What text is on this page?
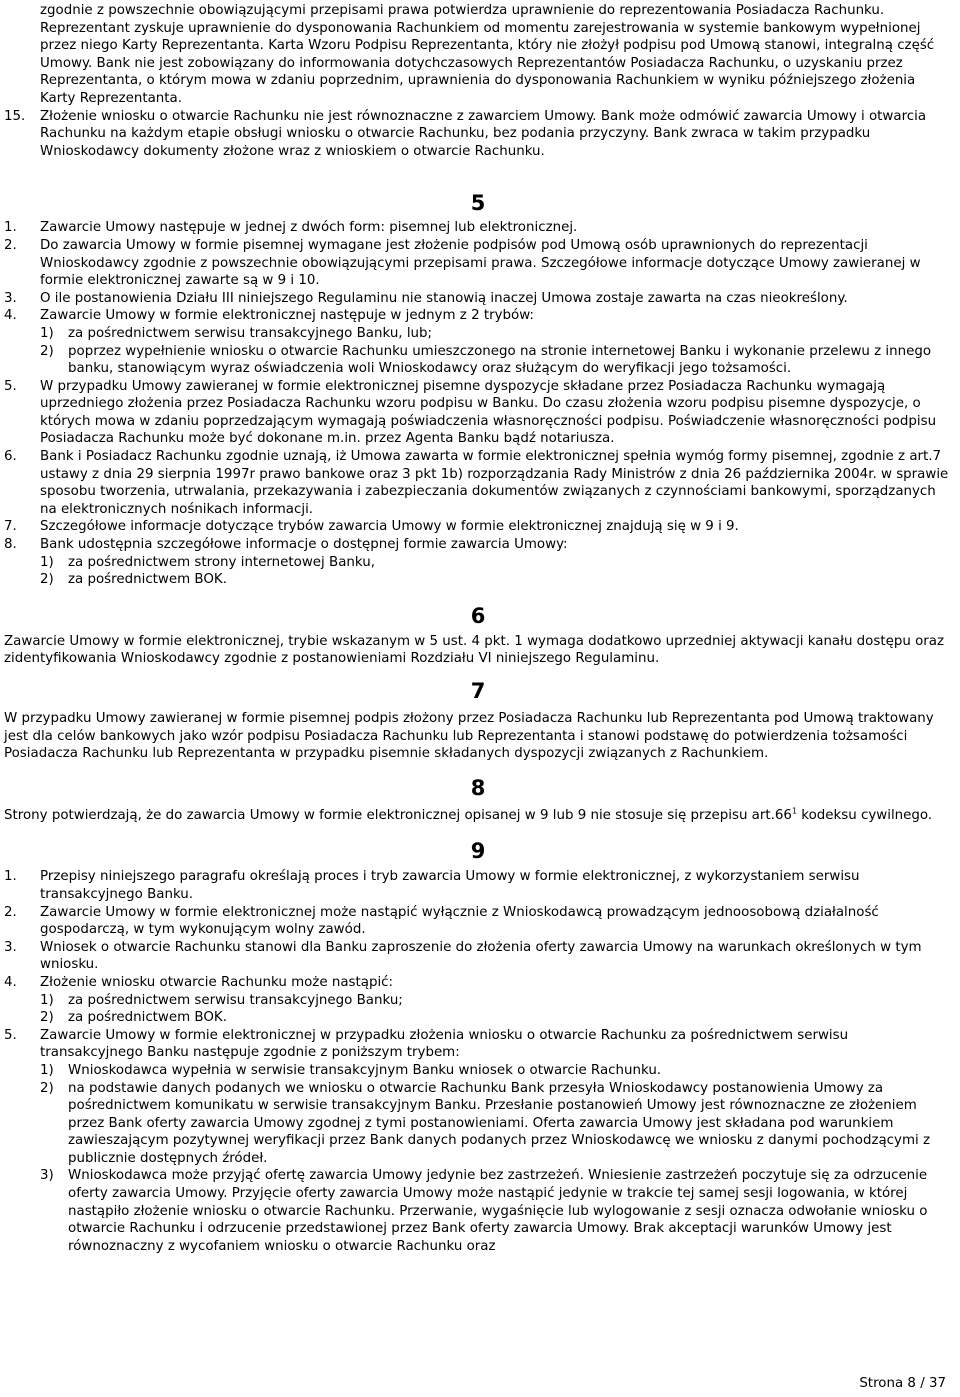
zgodnie z powszechnie obowiązującymi przepisami prawa potwierdza uprawnienie do reprezentowania Posiadacza Rachunku. Reprezentant zyskuje uprawnienie do dysponowania Rachunkiem od momentu zarejestrowania w systemie bankowym wypełnionej przez niego Karty Reprezentanta. Karta Wzoru Podpisu Reprezentanta, który nie złożył podpisu pod Umową stanowi, integralną część Umowy. Bank nie jest zobowiązany do informowania dotychczasowych Reprezentantów Posiadacza Rachunku, o uzyskaniu przez Reprezentanta, o którym mowa w zdaniu poprzednim, uprawnienia do dysponowania Rachunkiem w wyniku późniejszego złożenia Karty Reprezentanta.
15. Złożenie wniosku o otwarcie Rachunku nie jest równoznaczne z zawarciem Umowy. Bank może odmówić zawarcia Umowy i otwarcia Rachunku na każdym etapie obsługi wniosku o otwarcie Rachunku, bez podania przyczyny. Bank zwraca w takim przypadku Wnioskodawcy dokumenty złożone wraz z wnioskiem o otwarcie Rachunku.
5
1. Zawarcie Umowy następuje w jednej z dwóch form: pisemnej lub elektronicznej.
2. Do zawarcia Umowy w formie pisemnej wymagane jest złożenie podpisów pod Umową osób uprawnionych do reprezentacji Wnioskodawcy zgodnie z powszechnie obowiązującymi przepisami prawa. Szczegółowe informacje dotyczące Umowy zawieranej w formie elektronicznej zawarte są w 9 i 10.
3. O ile postanowienia Działu III niniejszego Regulaminu nie stanowią inaczej Umowa zostaje zawarta na czas nieokreślony.
4. Zawarcie Umowy w formie elektronicznej następuje w jednym z 2 trybów:
1) za pośrednictwem serwisu transakcyjnego Banku, lub;
2) poprzez wypełnienie wniosku o otwarcie Rachunku umieszczonego na stronie internetowej Banku i wykonanie przelewu z innego banku, stanowiącym wyraz oświadczenia woli Wnioskodawcy oraz służącym do weryfikacji jego tożsamości.
5. W przypadku Umowy zawieranej w formie elektronicznej pisemne dyspozycje składane przez Posiadacza Rachunku wymagają uprzedniego złożenia przez Posiadacza Rachunku wzoru podpisu w Banku. Do czasu złożenia wzoru podpisu pisemne dyspozycje, o których mowa w zdaniu poprzedzającym wymagają poświadczenia własnoręczności podpisu. Poświadczenie własnoręczności podpisu Posiadacza Rachunku może być dokonane m.in. przez Agenta Banku bądź notariusza.
6. Bank i Posiadacz Rachunku zgodnie uznają, iż Umowa zawarta w formie elektronicznej spełnia wymóg formy pisemnej, zgodnie z art.7 ustawy z dnia 29 sierpnia 1997r prawo bankowe oraz 3 pkt 1b) rozporządzania Rady Ministrów z dnia 26 października 2004r. w sprawie sposobu tworzenia, utrwalania, przekazywania i zabezpieczania dokumentów związanych z czynnościami bankowymi, sporządzanych na elektronicznych nośnikach informacji.
7. Szczegółowe informacje dotyczące trybów zawarcia Umowy w formie elektronicznej znajdują się w 9 i 9.
8. Bank udostępnia szczegółowe informacje o dostępnej formie zawarcia Umowy:
1) za pośrednictwem strony internetowej Banku,
2) za pośrednictwem BOK.
6
Zawarcie Umowy w formie elektronicznej, trybie wskazanym w 5 ust. 4 pkt. 1 wymaga dodatkowo uprzedniej aktywacji kanału dostępu oraz zidentyfikowania Wnioskodawcy zgodnie z postanowieniami Rozdziału VI niniejszego Regulaminu.
7
W przypadku Umowy zawieranej w formie pisemnej podpis złożony przez Posiadacza Rachunku lub Reprezentanta pod Umową traktowany jest dla celów bankowych jako wzór podpisu Posiadacza Rachunku lub Reprezentanta i stanowi podstawę do potwierdzenia tożsamości Posiadacza Rachunku lub Reprezentanta w przypadku pisemnie składanych dyspozycji związanych z Rachunkiem.
8
Strony potwierdzają, że do zawarcia Umowy w formie elektronicznej opisanej w 9 lub 9 nie stosuje się przepisu $art.66^1$ kodeksu cywilnego.
9
1. Przepisy niniejszego paragrafu określają proces i tryb zawarcia Umowy w formie elektronicznej, z wykorzystaniem serwisu transakcyjnego Banku.
2. Zawarcie Umowy w formie elektronicznej może nastąpić wyłącznie z Wnioskodawcą prowadzącym jednoosobową działalność gospodarczą, w tym wykonującym wolny zawód.
3. Wniosek o otwarcie Rachunku stanowi dla Banku zaproszenie do złożenia oferty zawarcia Umowy na warunkach określonych w tym wniosku.
4. Złożenie wniosku otwarcie Rachunku może nastąpić:
1) za pośrednictwem serwisu transakcyjnego Banku;
2) za pośrednictwem BOK.
5. Zawarcie Umowy w formie elektronicznej w przypadku złożenia wniosku o otwarcie Rachunku za pośrednictwem serwisu transakcyjnego Banku następuje zgodnie z poniższym trybem:
1) Wnioskodawca wypełnia w serwisie transakcyjnym Banku wniosek o otwarcie Rachunku.
2) na podstawie danych podanych we wniosku o otwarcie Rachunku Bank przesyła Wnioskodawcy postanowienia Umowy za pośrednictwem komunikatu w serwisie transakcyjnym Banku. Przesłanie postanowień Umowy jest równoznaczne ze złożeniem przez Bank oferty zawarcia Umowy zgodnej z tymi postanowieniami. Oferta zawarcia Umowy jest składana pod warunkiem zawieszającym pozytywnej weryfikacji przez Bank danych podanych przez Wnioskodawcę we wniosku z danymi pochodzącymi z publicznie dostępnych źródeł.
3) Wnioskodawca może przyjąć ofertę zawarcia Umowy jedynie bez zastrzeżeń. Wniesienie zastrzeżeń poczytuje się za odrzucenie oferty zawarcia Umowy. Przyjęcie oferty zawarcia Umowy może nastąpić jedynie w trakcie tej samej sesji logowania, w której nastąpiło złożenie wniosku o otwarcie Rachunku. Przerwanie, wygaśnięcie lub wylogowanie z sesji oznacza odwołanie wniosku o otwarcie Rachunku i odrzucenie przedstawionej przez Bank oferty zawarcia Umowy. Brak akceptacji warunków Umowy jest równoznaczny z wycofaniem wniosku o otwarcie Rachunku oraz
Strona 8 / 37
